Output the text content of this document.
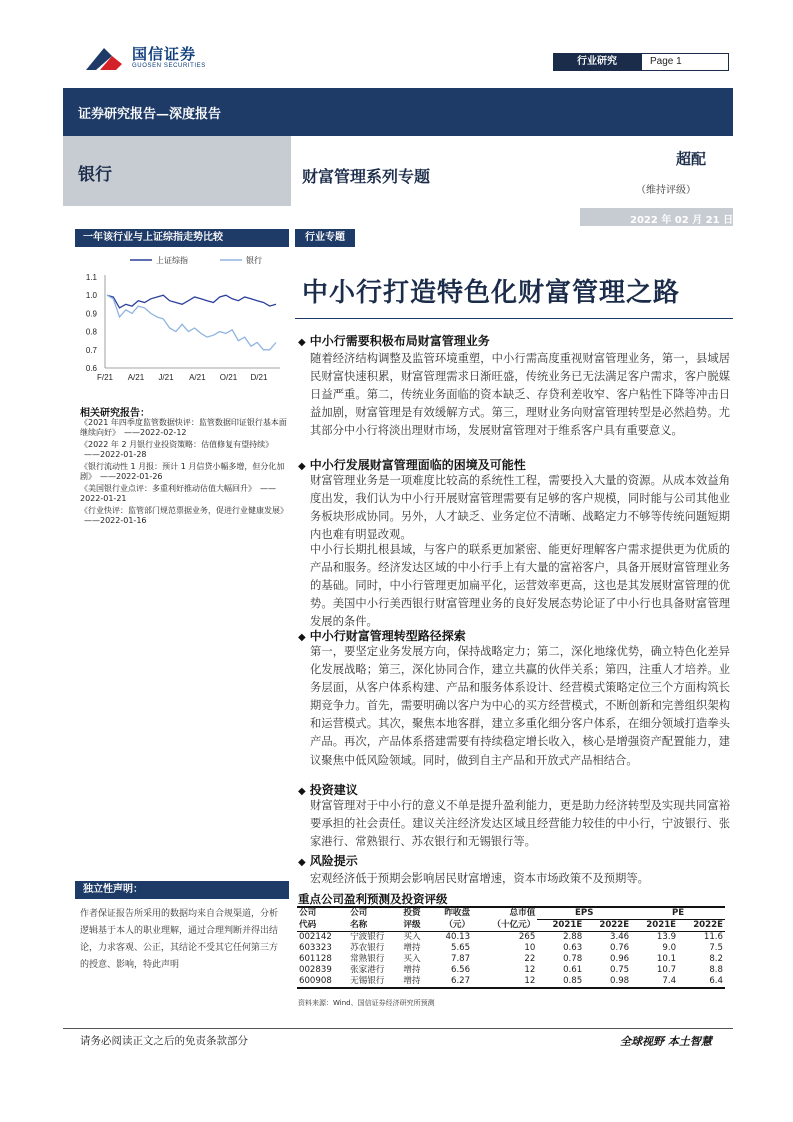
国信证券
GUOSEN SECURITIES	行业研究	Page 1
证券研究报告—深度报告
银行	财富管理系列专题
超配
（维持评级）
2022 年 02 月 21 日
一年该行业与上证综指走势比较
上证综指	银行
1.1
1.0
0.9
0.8
0.7
0.6
F/21 A/21 J/21 A/21 O/21 D/21
相关研究报告：
《2021 年四季度监管数据快评：监管数据印证银行基本面继续向好》 ——2022-02-12
《2022 年 2 月银行业投资策略：估值修复有望持续》——2022-01-28
《银行流动性 1 月报：预计 1 月信贷小幅多增，但分化加剧》 ——2022-01-26
《美国银行业点评：多重利好推动估值大幅回升》 ——2022-01-21
《行业快评：监管部门规范票据业务，促进行业健康发展》——2022-01-16
独立性声明：
作者保证报告所采用的数据均来自合规渠道，分析逻辑基于本人的职业理解，通过合理判断并得出结论，力求客观、公正，其结论不受其它任何第三方的授意、影响，特此声明
行业专题
中小行打造特色化财富管理之路
◆ 中小行需要积极布局财富管理业务
随着经济结构调整及监管环境重塑，中小行需高度重视财富管理业务，第一，县域居民财富快速积累，财富管理需求日渐旺盛，传统业务已无法满足客户需求，客户脱媒日益严重。第二，传统业务面临的资本缺乏、存贷利差收窄、客户粘性下降等冲击日益加剧，财富管理是有效缓解方式。第三，理财业务向财富管理转型是必然趋势。尤其部分中小行将淡出理财市场，发展财富管理对于维系客户具有重要意义。
◆ 中小行发展财富管理面临的困境及可能性
财富管理业务是一项难度比较高的系统性工程，需要投入大量的资源。从成本效益角度出发，我们认为中小行开展财富管理需要有足够的客户规模，同时能与公司其他业务板块形成协同。另外，人才缺乏、业务定位不清晰、战略定力不够等传统问题短期内也难有明显改观。
中小行长期扎根县域，与客户的联系更加紧密、能更好理解客户需求提供更为优质的产品和服务。经济发达区域的中小行手上有大量的富裕客户，具备开展财富管理业务的基础。同时，中小行管理更加扁平化，运营效率更高，这也是其发展财富管理的优势。美国中小行美西银行财富管理业务的良好发展态势论证了中小行也具备财富管理发展的条件。
◆ 中小行财富管理转型路径探索
第一，要坚定业务发展方向，保持战略定力；第二，深化地缘优势，确立特色化差异化发展战略；第三，深化协同合作，建立共赢的伙伴关系；第四，注重人才培养。业务层面，从客户体系构建、产品和服务体系设计、经营模式策略定位三个方面构筑长期竞争力。首先，需要明确以客户为中心的买方经营模式，不断创新和完善组织架构和运营模式。其次，聚焦本地客群，建立多重化细分客户体系，在细分领域打造拳头产品。再次，产品体系搭建需要有持续稳定增长收入，核心是增强资产配置能力，建议聚焦中低风险领域。同时，做到自主产品和开放式产品相结合。
◆ 投资建议
财富管理对于中小行的意义不单是提升盈利能力，更是助力经济转型及实现共同富裕要承担的社会责任。建议关注经济发达区域且经营能力较佳的中小行，宁波银行、张家港行、常熟银行、苏农银行和无锡银行等。
◆ 风险提示
宏观经济低于预期会影响居民财富增速，资本市场政策不及预期等。
重点公司盈利预测及投资评级
公司	公司	投资	昨收盘	总市值	EPS		PE	
代码	名称	评级	（元）	（十亿元）	2021E	2022E	2021E	2022E
002142	宁波银行	买入	40.13	265	2.88	3.46	13.9	11.6
603323	苏农银行	增持	5.65	10	0.63	0.76	9.0	7.5
601128	常熟银行	买入	7.87	22	0.78	0.96	10.1	8.2
002839	张家港行	增持	6.56	12	0.61	0.75	10.7	8.8
600908	无锡银行	增持	6.27	12	0.85	0.98	7.4	6.4
资料来源：Wind、国信证券经济研究所预测
请务必阅读正文之后的免责条款部分	全球视野 本土智慧
